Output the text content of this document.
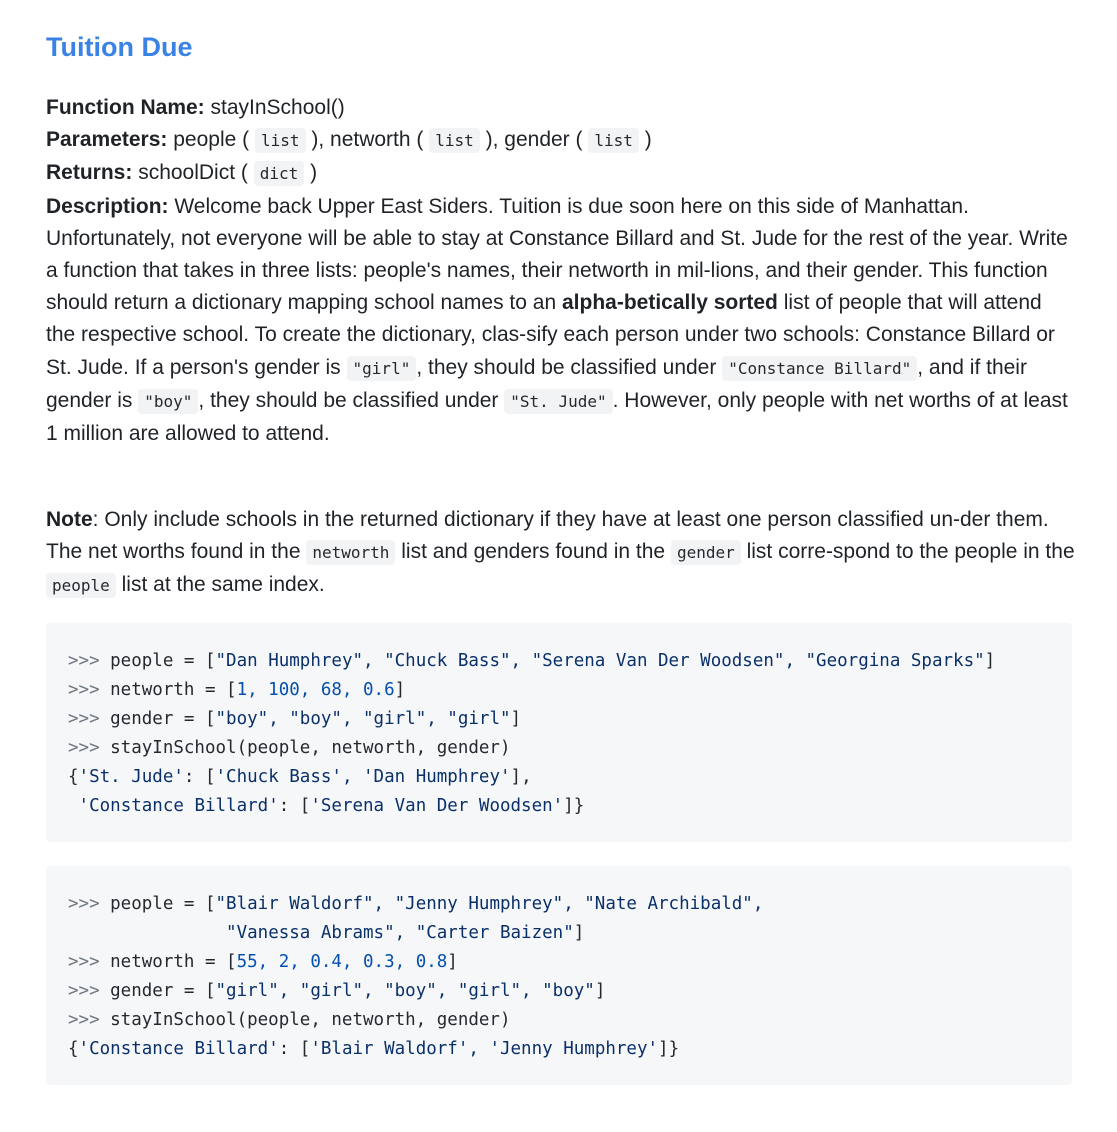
Tuition Due

Function Name: stayInSchool()

Parameters: people ( list ), networth ( list ), gender ( list )

Returns: schoolDict ( dict )

Description: Welcome back Upper East Siders. Tuition is due soon here on this side of Manhattan. Unfortunately, not everyone will be able to stay at Constance Billard and St. Jude for the rest of the year. Write a function that takes in three lists: people's names, their networth in mil-lions, and their gender. This function should return a dictionary mapping school names to an alpha-betically sorted list of people that will attend the respective school. To create the dictionary, clas-sify each person under two schools: Constance Billard or St. Jude. If a person's gender is "girl" , they should be classified under "Constance Billard" , and if their gender is "boy" , they should be classified under "St. Jude" . However, only people with net worths of at least 1 million are allowed to attend.

Note: Only include schools in the returned dictionary if they have at least one person classified un-der them. The net worths found in the networth list and genders found in the gender list corre-spond to the people in the people list at the same index.

>>> people = ["Dan Humphrey", "Chuck Bass", "Serena Van Der Woodsen", "Georgina Sparks"]
>>> networth = [1, 100, 68, 0.6]
>>> gender = ["boy", "boy", "girl", "girl"]
>>> stayInSchool(people, networth, gender)
{'St. Jude': ['Chuck Bass', 'Dan Humphrey'],
'Constance Billard': ['Serena Van Der Woodsen']}
>>> people = ["Blair Waldorf", "Jenny Humphrey", "Nate Archibald",
"Vanessa Abrams", "Carter Baizen"]
>>> networth = [55, 2, 0.4, 0.3, 0.8]
>>> gender = ["girl", "girl", "boy", "girl", "boy"]
>>> stayInSchool(people, networth, gender)
{'Constance Billard': ['Blair Waldorf', 'Jenny Humphrey']}
